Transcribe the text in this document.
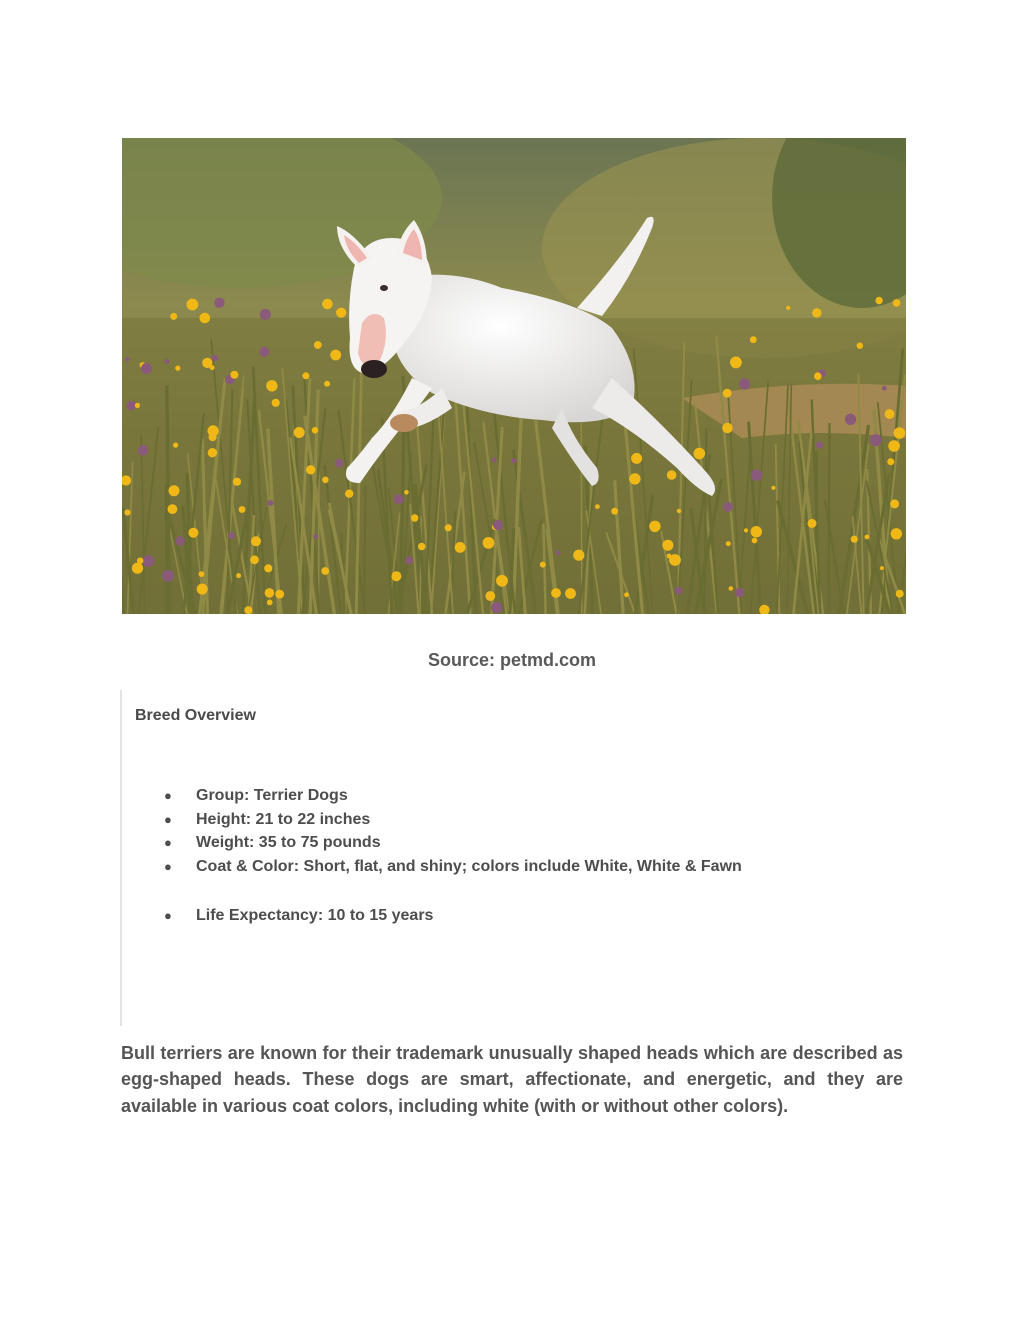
Source: petmd.com
Breed Overview
● Group: Terrier Dogs
● Height: 21 to 22 inches
● Weight: 35 to 75 pounds
● Coat & Color: Short, flat, and shiny; colors include White, White & Fawn
● Life Expectancy: 10 to 15 years

Bull terriers are known for their trademark unusually shaped heads which are described as egg-shaped heads. These dogs are smart, affectionate, and energetic, and they are available in various coat colors, including white (with or without other colors).
